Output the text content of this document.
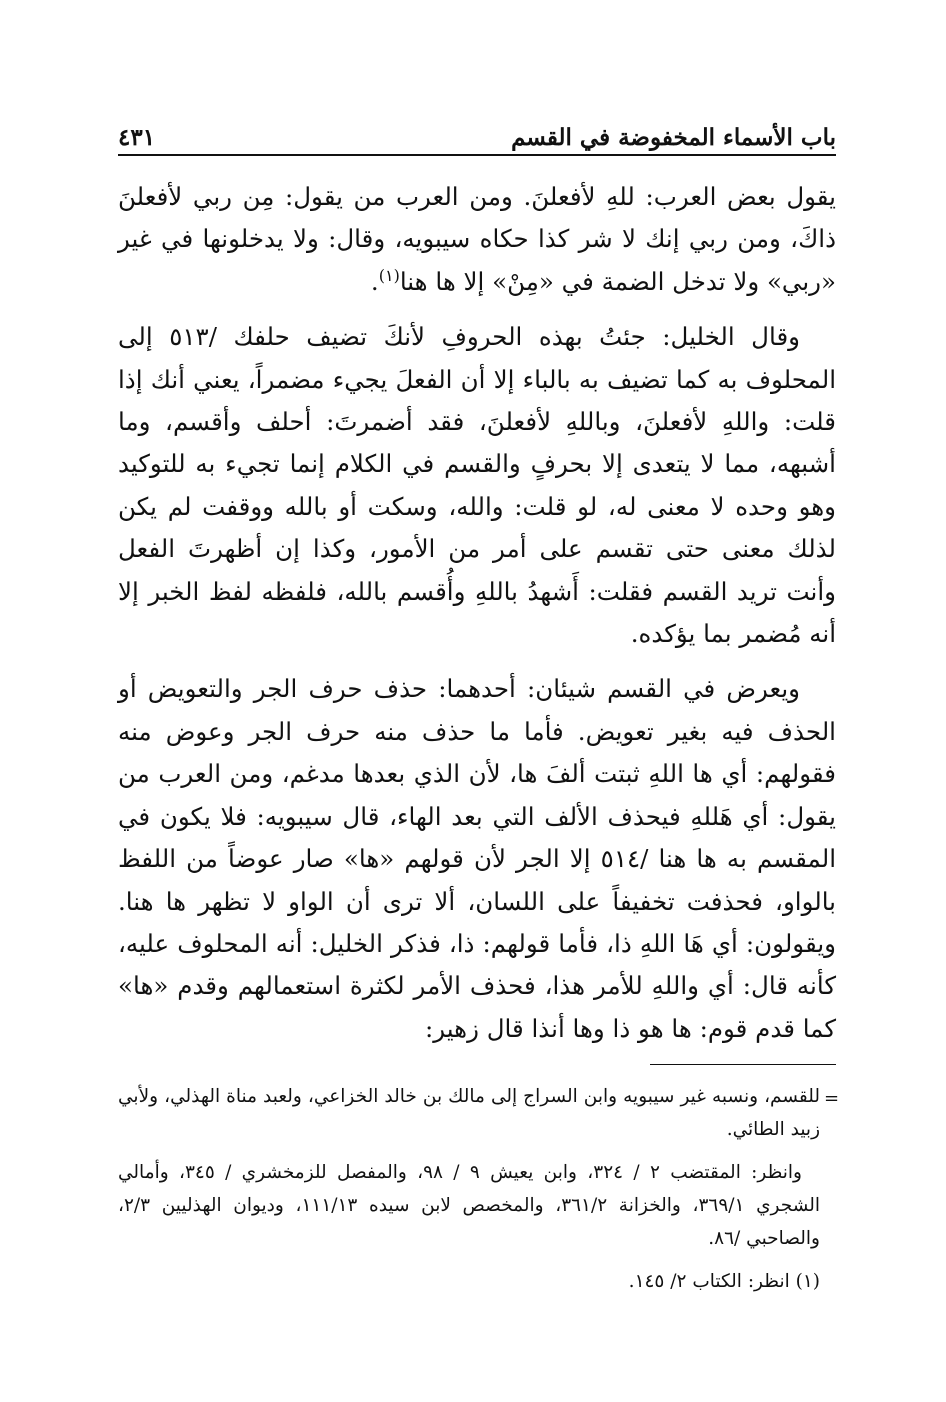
باب الأسماء المخفوضة في القسم
٤٣١

يقول بعض العرب: للهِ لأفعلنَ. ومن العرب من يقول: مِن ربي لأفعلنَ ذاكَ، ومن ربي إنك لا شر كذا حكاه سيبويه، وقال: ولا يدخلونها في غير «ربي» ولا تدخل الضمة في «مِنْ» إلا ها هنا$^{(١)}$.

وقال الخليل: جئتُ بهذه الحروفِ لأنكَ تضيف حلفك /٥١٣ إلى المحلوف به كما تضيف به بالباء إلا أن الفعلَ يجيء مضمراً، يعني أنك إذا قلت: واللهِ لأفعلنَ، وباللهِ لأفعلنَ، فقد أضمرتَ: أحلف وأقسم، وما أشبهه، مما لا يتعدى إلا بحرفٍ والقسم في الكلام إنما تجيء به للتوكيد وهو وحده لا معنى له، لو قلت: والله، وسكت أو بالله ووقفت لم يكن لذلك معنى حتى تقسم على أمر من الأمور، وكذا إن أظهرتَ الفعل وأنت تريد القسم فقلت: أَشهدُ باللهِ وأُقسم بالله، فلفظه لفظ الخبر إلا أنه مُضمر بما يؤكده.

ويعرض في القسم شيئان: أحدهما: حذف حرف الجر والتعويض أو الحذف فيه بغير تعويض. فأما ما حذف منه حرف الجر وعوض منه فقولهم: أي ها اللهِ ثبتت ألفَ ها، لأن الذي بعدها مدغم، ومن العرب من يقول: أي هَللهِ فيحذف الألف التي بعد الهاء، قال سيبويه: فلا يكون في المقسم به ها هنا /٥١٤ إلا الجر لأن قولهم «ها» صار عوضاً من اللفظ بالواو، فحذفت تخفيفاً على اللسان، ألا ترى أن الواو لا تظهر ها هنا. ويقولون: أي هَا اللهِ ذا، فأما قولهم: ذا، فذكر الخليل: أنه المحلوف عليه، كأنه قال: أي واللهِ للأمر هذا، فحذف الأمر لكثرة استعمالهم وقدم «ها» كما قدم قوم: ها هو ذا وها أنذا قال زهير:

=

للقسم، ونسبه غير سيبويه وابن السراج إلى مالك بن خالد الخزاعي، ولعبد مناة الهذلي، ولأبي زبيد الطائي.

وانظر: المقتضب ٢ / ٣٢٤، وابن يعيش ٩ / ٩٨، والمفصل للزمخشري / ٣٤٥، وأمالي الشجري ٣٦٩/١، والخزانة ٣٦١/٢، والمخصص لابن سيده ١١١/١٣، وديوان الهذليين ٢/٣، والصاحبي /٨٦.

(١) انظر: الكتاب ٢/ ١٤٥.
